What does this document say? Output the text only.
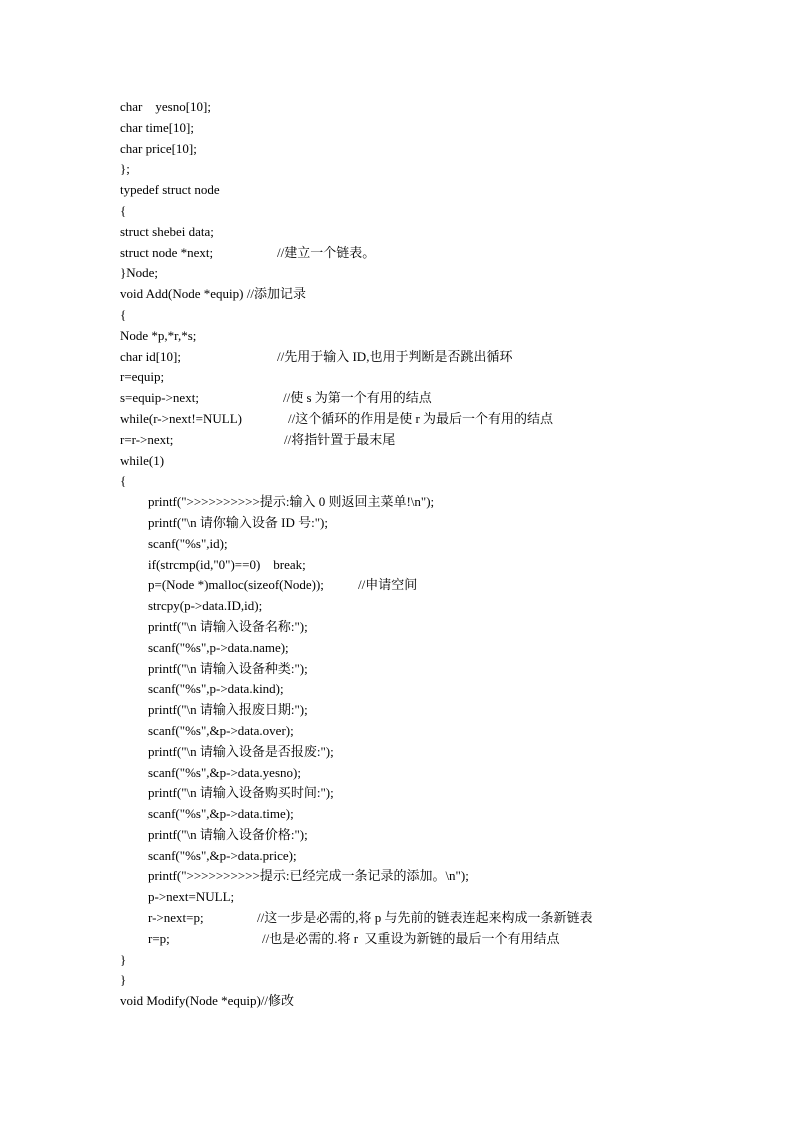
char    yesno[10];
char time[10];
char price[10];
};
typedef struct node
{
struct shebei data;
struct node *next;	//建立一个链表。
}Node;
void Add(Node *equip) //添加记录
{
Node *p,*r,*s;
char id[10];	//先用于输入 ID,也用于判断是否跳出循环
r=equip;
s=equip->next;	//使 s 为第一个有用的结点
while(r->next!=NULL)	//这个循环的作用是使 r 为最后一个有用的结点
r=r->next;	//将指针置于最末尾
while(1)
{
printf(">>>>>>>>>>提示:输入 0 则返回主菜单!\n");
printf("\n 请你输入设备 ID 号:");
scanf("%s",id);
if(strcmp(id,"0")==0)    break;
p=(Node *)malloc(sizeof(Node));	//申请空间
strcpy(p->data.ID,id);
printf("\n 请输入设备名称:");
scanf("%s",p->data.name);
printf("\n 请输入设备种类:");
scanf("%s",p->data.kind);
printf("\n 请输入报废日期:");
scanf("%s",&p->data.over);
printf("\n 请输入设备是否报废:");
scanf("%s",&p->data.yesno);
printf("\n 请输入设备购买时间:");
scanf("%s",&p->data.time);
printf("\n 请输入设备价格:");
scanf("%s",&p->data.price);
printf(">>>>>>>>>>提示:已经完成一条记录的添加。\n");
p->next=NULL;
r->next=p;	//这一步是必需的,将 p 与先前的链表连起来构成一条新链表
r=p;	//也是必需的.将 r  又重设为新链的最后一个有用结点
}
}
void Modify(Node *equip)//修改
